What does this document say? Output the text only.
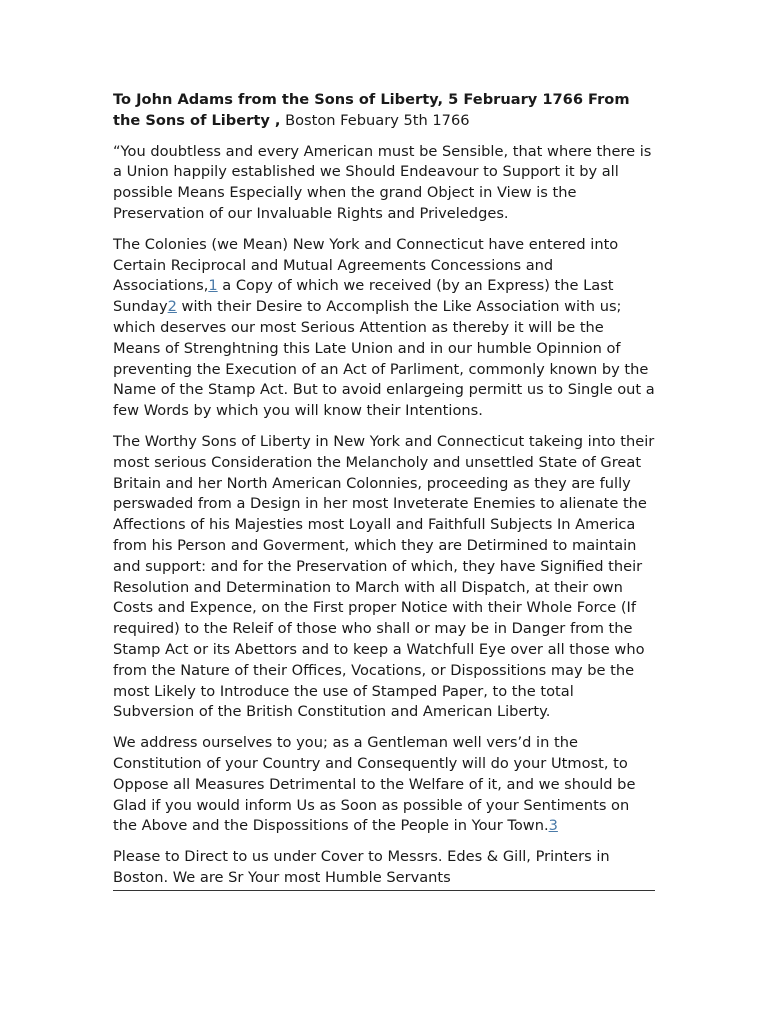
To John Adams from the Sons of Liberty, 5 February 1766 From the Sons of Liberty , Boston Febuary 5th 1766

“You doubtless and every American must be Sensible, that where there is a Union happily established we Should Endeavour to Support it by all possible Means Especially when the grand Object in View is the Preservation of our Invaluable Rights and Priveledges.

The Colonies (we Mean) New York and Connecticut have entered into Certain Reciprocal and Mutual Agreements Concessions and Associations,1 a Copy of which we received (by an Express) the Last Sunday2 with their Desire to Accomplish the Like Association with us; which deserves our most Serious Attention as thereby it will be the Means of Strenghtning this Late Union and in our humble Opinnion of preventing the Execution of an Act of Parliment, commonly known by the Name of the Stamp Act. But to avoid enlargeing permitt us to Single out a few Words by which you will know their Intentions.

The Worthy Sons of Liberty in New York and Connecticut takeing into their most serious Consideration the Melancholy and unsettled State of Great Britain and her North American Colonnies, proceeding as they are fully perswaded from a Design in her most Inveterate Enemies to alienate the Affections of his Majesties most Loyall and Faithfull Subjects In America from his Person and Goverment, which they are Detirmined to maintain and support: and for the Preservation of which, they have Signified their Resolution and Determination to March with all Dispatch, at their own Costs and Expence, on the First proper Notice with their Whole Force (If required) to the Releif of those who shall or may be in Danger from the Stamp Act or its Abettors and to keep a Watchfull Eye over all those who from the Nature of their Offices, Vocations, or Dispossitions may be the most Likely to Introduce the use of Stamped Paper, to the total Subversion of the British Constitution and American Liberty.

We address ourselves to you; as a Gentleman well vers’d in the Constitution of your Country and Consequently will do your Utmost, to Oppose all Measures Detrimental to the Welfare of it, and we should be Glad if you would inform Us as Soon as possible of your Sentiments on the Above and the Dispossitions of the People in Your Town.3

Please to Direct to us under Cover to Messrs. Edes & Gill, Printers in Boston. We are Sr Your most Humble Servants
